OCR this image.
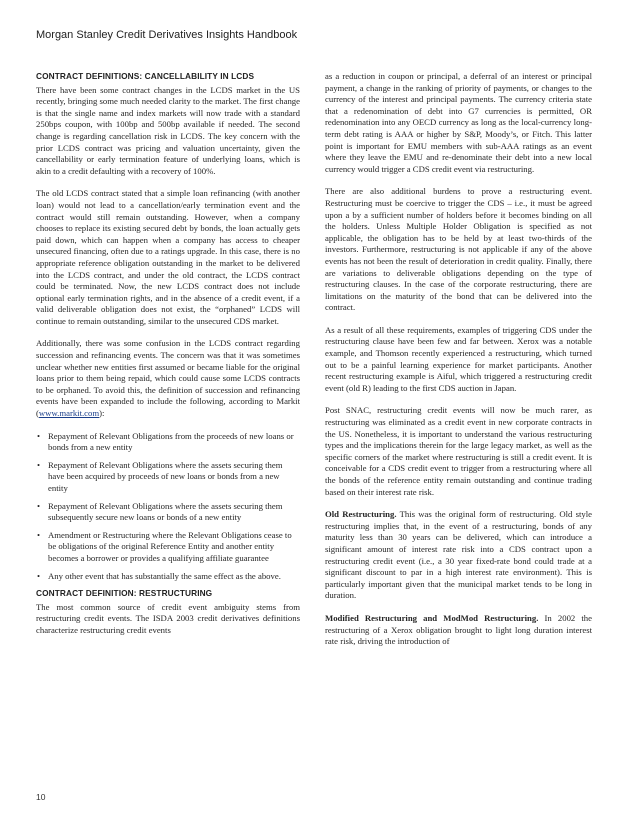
Morgan Stanley Credit Derivatives Insights Handbook
CONTRACT DEFINITIONS: CANCELLABILITY IN LCDS

There have been some contract changes in the LCDS market in the US recently, bringing some much needed clarity to the market. The first change is that the single name and index markets will now trade with a standard 250bps coupon, with 100bp and 500bp available if needed. The second change is regarding cancellation risk in LCDS. The key concern with the prior LCDS contract was pricing and valuation uncertainty, given the cancellability or early termination feature of underlying loans, which is akin to a credit defaulting with a recovery of 100%.

The old LCDS contract stated that a simple loan refinancing (with another loan) would not lead to a cancellation/early termination event and the contract would still remain outstanding. However, when a company chooses to replace its existing secured debt by bonds, the loan actually gets paid down, which can happen when a company has access to cheaper unsecured financing, often due to a ratings upgrade. In this case, there is no appropriate reference obligation outstanding in the market to be delivered into the LCDS contract, and under the old contract, the LCDS contract could be terminated. Now, the new LCDS contract does not include optional early termination rights, and in the absence of a credit event, if a valid deliverable obligation does not exist, the “orphaned” LCDS will continue to remain outstanding, similar to the unsecured CDS market.

Additionally, there was some confusion in the LCDS contract regarding succession and refinancing events. The concern was that it was sometimes unclear whether new entities first assumed or became liable for the original loans prior to them being repaid, which could cause some LCDS contracts to be orphaned. To avoid this, the definition of succession and refinancing events have been expanded to include the following, according to Markit (www.markit.com):

• Repayment of Relevant Obligations from the proceeds of new loans or bonds from a new entity
• Repayment of Relevant Obligations where the assets securing them have been acquired by proceeds of new loans or bonds from a new entity
• Repayment of Relevant Obligations where the assets securing them subsequently secure new loans or bonds of a new entity
• Amendment or Restructuring where the Relevant Obligations cease to be obligations of the original Reference Entity and another entity becomes a borrower or provides a qualifying affiliate guarantee
• Any other event that has substantially the same effect as the above.
CONTRACT DEFINITION: RESTRUCTURING

The most common source of credit event ambiguity stems from restructuring credit events. The ISDA 2003 credit derivatives definitions characterize restructuring credit events

as a reduction in coupon or principal, a deferral of an interest or principal payment, a change in the ranking of priority of payments, or changes to the currency of the interest and principal payments. The currency criteria state that a redenomination of debt into G7 currencies is permitted, OR redenomination into any OECD currency as long as the local-currency long-term debt rating is AAA or higher by S&P, Moody’s, or Fitch. This latter point is important for EMU members with sub-AAA ratings as an event where they leave the EMU and re-denominate their debt into a new local currency would trigger a CDS credit event via restructuring.

There are also additional burdens to prove a restructuring event. Restructuring must be coercive to trigger the CDS – i.e., it must be agreed upon a by a sufficient number of holders before it becomes binding on all the holders. Unless Multiple Holder Obligation is specified as not applicable, the obligation has to be held by at least two-thirds of the investors. Furthermore, restructuring is not applicable if any of the above events has not been the result of deterioration in credit quality. Finally, there are variations to deliverable obligations depending on the type of restructuring clauses. In the case of the corporate restructuring, there are limitations on the maturity of the bond that can be delivered into the contract.

As a result of all these requirements, examples of triggering CDS under the restructuring clause have been few and far between. Xerox was a notable example, and Thomson recently experienced a restructuring, which turned out to be a painful learning experience for market participants. Another recent restructuring example is Aiful, which triggered a restructuring credit event (old R) leading to the first CDS auction in Japan.

Post SNAC, restructuring credit events will now be much rarer, as restructuring was eliminated as a credit event in new corporate contracts in the US. Nonetheless, it is important to understand the various restructuring types and the implications therein for the large legacy market, as well as the specific corners of the market where restructuring is still a credit event. It is conceivable for a CDS credit event to trigger from a restructuring where all the bonds of the reference entity remain outstanding and continue trading based on their interest rate risk.

Old Restructuring. This was the original form of restructuring. Old style restructuring implies that, in the event of a restructuring, bonds of any maturity less than 30 years can be delivered, which can introduce a significant amount of interest rate risk into a CDS contract upon a restructuring credit event (i.e., a 30 year fixed-rate bond could trade at a significant discount to par in a high interest rate environment). This is particularly important given that the municipal market tends to be long in duration.

Modified Restructuring and ModMod Restructuring. In 2002 the restructuring of a Xerox obligation brought to light long duration interest rate risk, driving the introduction of

10
